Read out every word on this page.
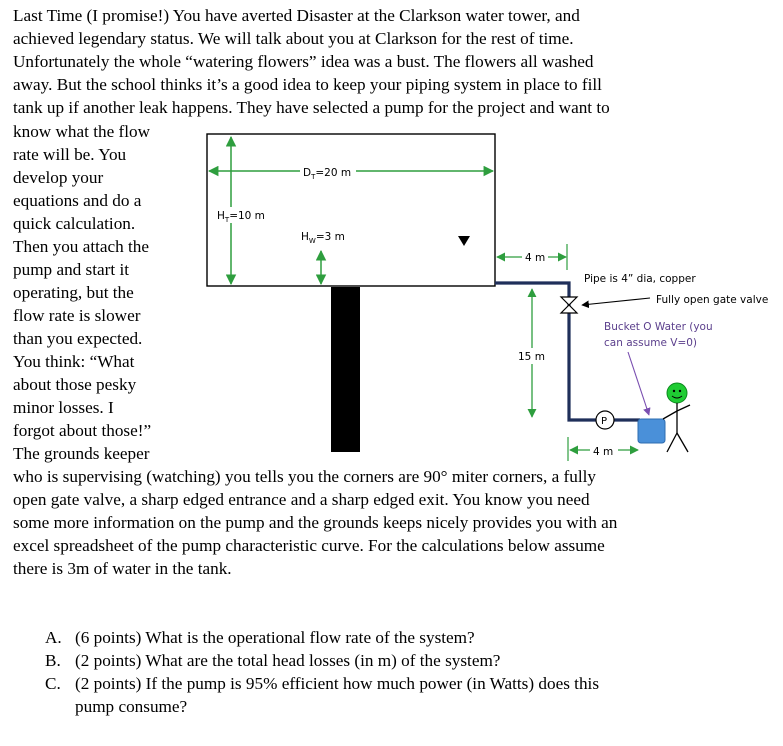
Last Time (I promise!) You have averted Disaster at the Clarkson water tower, and

achieved legendary status. We will talk about you at Clarkson for the rest of time.

Unfortunately the whole “watering flowers” idea was a bust. The flowers all washed

away. But the school thinks it’s a good idea to keep your piping system in place to fill

tank up if another leak happens. They have selected a pump for the project and want to

know what the flow

rate will be. You

develop your

equations and do a

quick calculation.

Then you attach the

pump and start it

operating, but the

flow rate is slower

than you expected.

You think: “What

about those pesky

minor losses. I

forgot about those!”

The grounds keeper

who is supervising (watching) you tells you the corners are 90° miter corners, a fully

open gate valve, a sharp edged entrance and a sharp edged exit. You know you need

some more information on the pump and the grounds keeps nicely provides you with an

excel spreadsheet of the pump characteristic curve. For the calculations below assume

there is 3m of water in the tank.

A. (6 points) What is the operational flow rate of the system?

B. (2 points) What are the total head losses (in m) of the system?

C. (2 points) If the pump is 95% efficient how much power (in Watts) does this

pump consume?

$D_T=20$ m
$H_T=10$ m
$H_W=3$ m
4 m
15 m
P
4 m
Pipe is 4” dia, copper
Fully open gate valve
Bucket O Water (you
can assume V=0)
